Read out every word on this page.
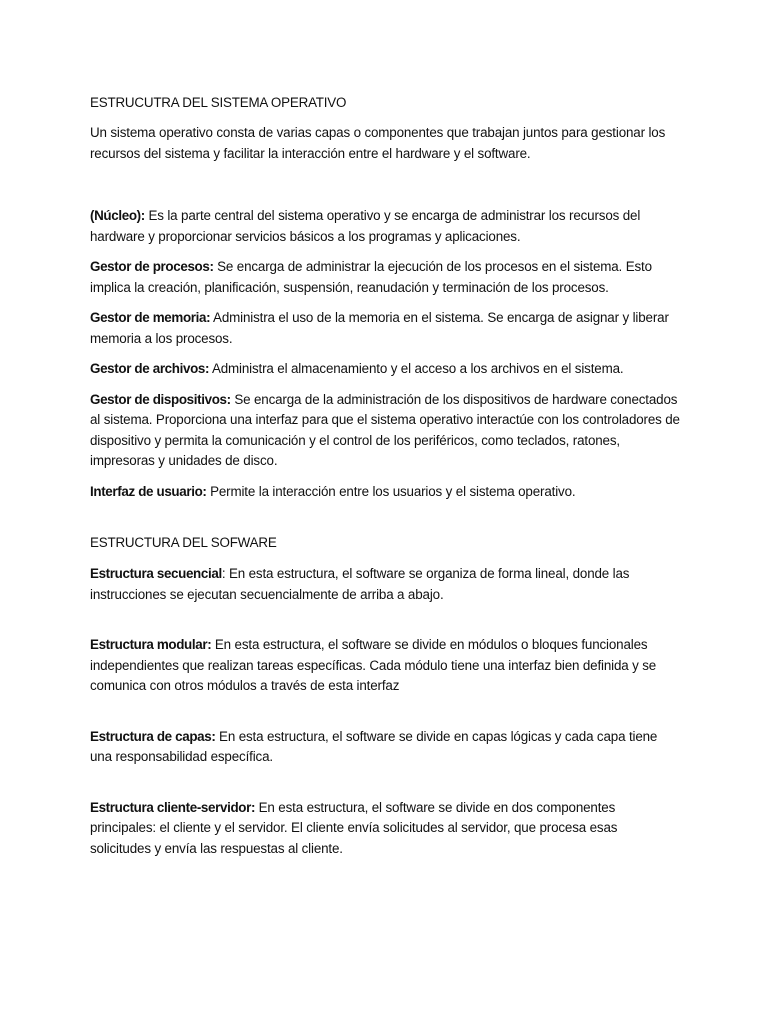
ESTRUCUTRA DEL SISTEMA OPERATIVO

Un sistema operativo consta de varias capas o componentes que trabajan juntos para gestionar los recursos del sistema y facilitar la interacción entre el hardware y el software.

(Núcleo): Es la parte central del sistema operativo y se encarga de administrar los recursos del hardware y proporcionar servicios básicos a los programas y aplicaciones.

Gestor de procesos: Se encarga de administrar la ejecución de los procesos en el sistema. Esto implica la creación, planificación, suspensión, reanudación y terminación de los procesos.

Gestor de memoria: Administra el uso de la memoria en el sistema. Se encarga de asignar y liberar memoria a los procesos.

Gestor de archivos: Administra el almacenamiento y el acceso a los archivos en el sistema.

Gestor de dispositivos: Se encarga de la administración de los dispositivos de hardware conectados al sistema. Proporciona una interfaz para que el sistema operativo interactúe con los controladores de dispositivo y permita la comunicación y el control de los periféricos, como teclados, ratones, impresoras y unidades de disco.

Interfaz de usuario: Permite la interacción entre los usuarios y el sistema operativo.

ESTRUCTURA DEL SOFWARE

Estructura secuencial: En esta estructura, el software se organiza de forma lineal, donde las instrucciones se ejecutan secuencialmente de arriba a abajo.

Estructura modular: En esta estructura, el software se divide en módulos o bloques funcionales independientes que realizan tareas específicas. Cada módulo tiene una interfaz bien definida y se comunica con otros módulos a través de esta interfaz

Estructura de capas: En esta estructura, el software se divide en capas lógicas y cada capa tiene una responsabilidad específica.

Estructura cliente-servidor: En esta estructura, el software se divide en dos componentes principales: el cliente y el servidor. El cliente envía solicitudes al servidor, que procesa esas solicitudes y envía las respuestas al cliente.
